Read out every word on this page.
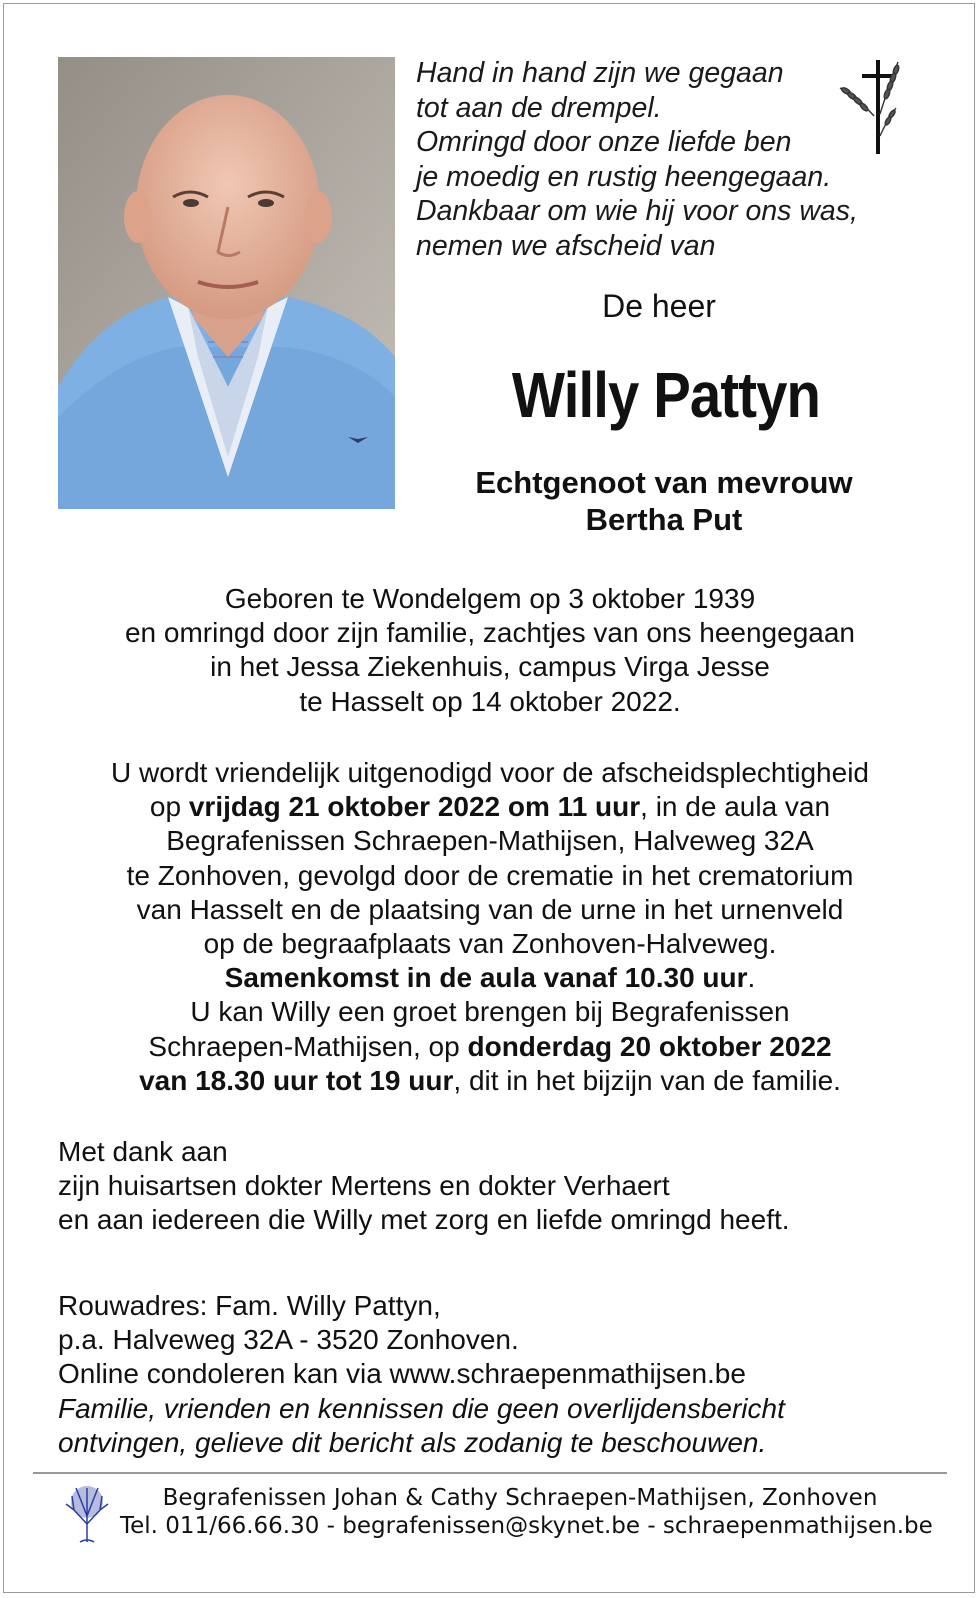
Hand in hand zijn we gegaan
tot aan de drempel.
Omringd door onze liefde ben
je moedig en rustig heengegaan.
Dankbaar om wie hij voor ons was,
nemen we afscheid van
De heer
Willy Pattyn
Echtgenoot van mevrouw
Bertha Put
Geboren te Wondelgem op 3 oktober 1939
en omringd door zijn familie, zachtjes van ons heengegaan
in het Jessa Ziekenhuis, campus Virga Jesse
te Hasselt op 14 oktober 2022.
U wordt vriendelijk uitgenodigd voor de afscheidsplechtigheid
op vrijdag 21 oktober 2022 om 11 uur, in de aula van
Begrafenissen Schraepen-Mathijsen, Halveweg 32A
te Zonhoven, gevolgd door de crematie in het crematorium
van Hasselt en de plaatsing van de urne in het urnenveld
op de begraafplaats van Zonhoven-Halveweg.
Samenkomst in de aula vanaf 10.30 uur.
U kan Willy een groet brengen bij Begrafenissen
Schraepen-Mathijsen, op donderdag 20 oktober 2022
van 18.30 uur tot 19 uur, dit in het bijzijn van de familie.
Met dank aan
zijn huisartsen dokter Mertens en dokter Verhaert
en aan iedereen die Willy met zorg en liefde omringd heeft.
Rouwadres: Fam. Willy Pattyn,
p.a. Halveweg 32A - 3520 Zonhoven.
Online condoleren kan via www.schraepenmathijsen.be
Familie, vrienden en kennissen die geen overlijdensbericht
ontvingen, gelieve dit bericht als zodanig te beschouwen.
Begrafenissen Johan & Cathy Schraepen-Mathijsen, Zonhoven
Tel. 011/66.66.30 - begrafenissen@skynet.be - schraepenmathijsen.be
